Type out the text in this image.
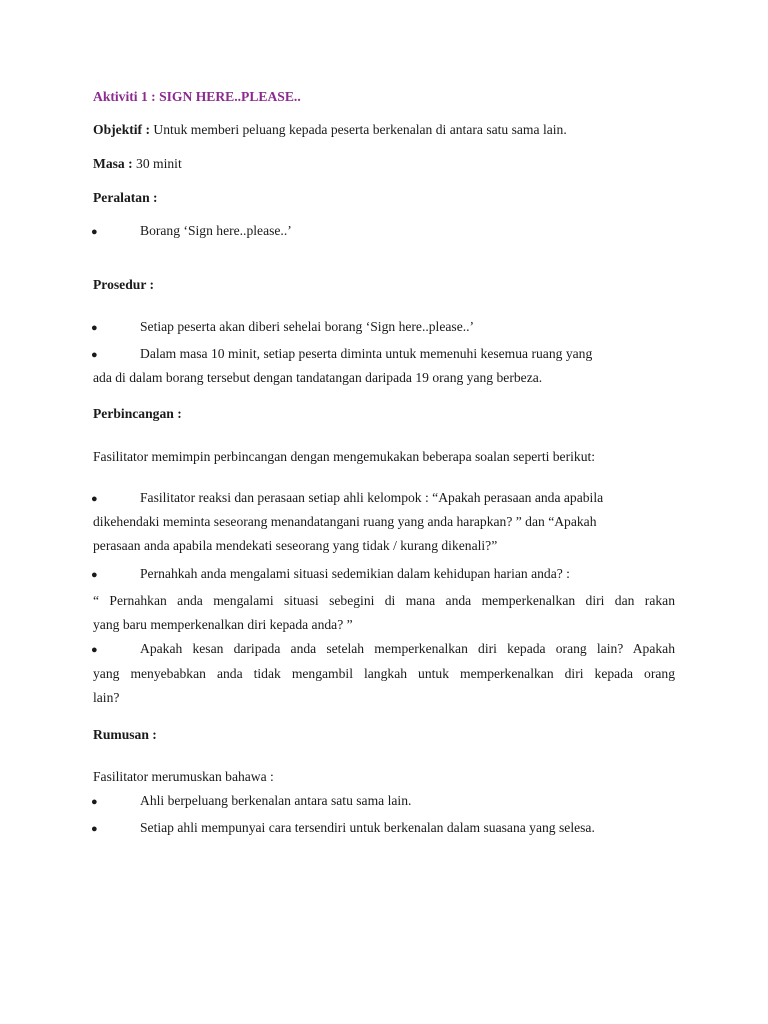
Aktiviti 1 : SIGN HERE..PLEASE..
Objektif : Untuk memberi peluang kepada peserta berkenalan di antara satu sama lain.
Masa : 30 minit
Peralatan :
●	Borang ‘Sign here..please..’
Prosedur :
●	Setiap peserta akan diberi sehelai borang ‘Sign here..please..’
●	Dalam masa 10 minit, setiap peserta diminta untuk memenuhi kesemua ruang yang
ada di dalam borang tersebut dengan tandatangan daripada 19 orang yang berbeza.
Perbincangan :
Fasilitator memimpin perbincangan dengan mengemukakan beberapa soalan seperti berikut:
●	Fasilitator reaksi dan perasaan setiap ahli kelompok : “Apakah perasaan anda apabila
dikehendaki meminta seseorang menandatangani ruang yang anda harapkan? ” dan “Apakah
perasaan anda apabila mendekati seseorang yang tidak / kurang dikenali?”
●	Pernahkah anda mengalami situasi sedemikian dalam kehidupan harian anda? :
“ Pernahkan anda mengalami situasi sebegini di mana anda memperkenalkan diri dan rakan
yang baru memperkenalkan diri kepada anda? ”
●	Apakah kesan daripada anda setelah memperkenalkan diri kepada orang lain? Apakah
yang menyebabkan anda tidak mengambil langkah untuk memperkenalkan diri kepada orang
lain?
Rumusan :
Fasilitator merumuskan bahawa :
●	Ahli berpeluang berkenalan antara satu sama lain.
●	Setiap ahli mempunyai cara tersendiri untuk berkenalan dalam suasana yang selesa.
